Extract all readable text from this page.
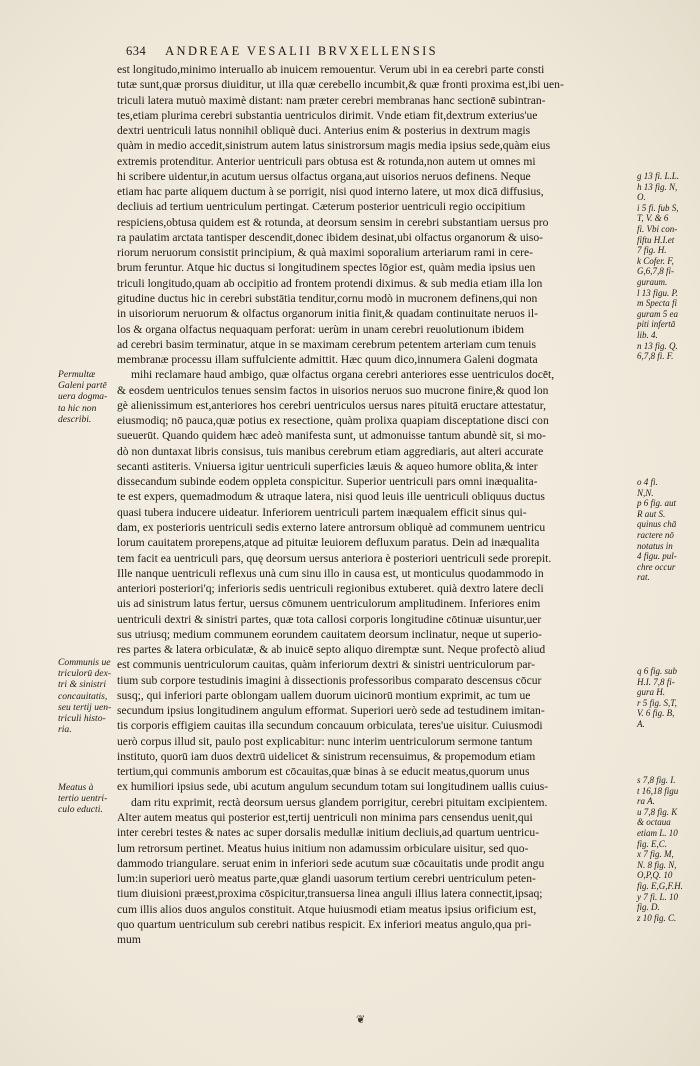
634 ANDREAE VESALII BRVXELLENSIS
est longitudo,minimo interuallo ab inuicem remouentur. Verum ubi in ea cerebri parte consti
tutæ sunt,quæ prorsus diuiditur, ut illa quæ cerebello incumbit,& quæ fronti proxima est,ibi uen-
triculi latera mutuò maximè distant: nam præter cerebri membranas hanc sectionē subintran-
tes,etiam plurima cerebri substantia uentriculos dirimit. Vnde etiam fit,dextrum exterius'ue
dextri uentriculi latus nonnihil obliquè duci. Anterius enim & posterius in dextrum magis
quàm in medio accedit,sinistrum autem latus sinistrorsum magis media ipsius sede,quàm eius
extremis protenditur. Anterior uentriculi pars obtusa est & rotunda,non autem ut omnes mi
hi scribere uidentur,in acutum uersus olfactus organa,aut uisorios neruos definens. Neque
etiam hac parte aliquem ductum à se porrigit, nisi quod interno latere, ut mox dicā diffusius,
decliuis ad tertium uentriculum pertingat. Cæterum posterior uentriculi regio occipitium
respiciens,obtusa quidem est & rotunda, at deorsum sensim in cerebri substantiam uersus pro
ra paulatim arctata tantisper descendit,donec ibidem desinat,ubi olfactus organorum & uiso-
riorum neruorum consistit principium, & quà maximi soporalium arteriarum rami in cere-
brum feruntur. Atque hic ductus si longitudinem spectes lōgior est, quàm media ipsius uen
triculi longitudo,quam ab occipitio ad frontem protendi diximus. & sub media etiam illa lon
gitudine ductus hic in cerebri substātia tenditur,cornu modò in mucronem definens,qui non
in uisoriorum neruorum & olfactus organorum initia finit,& quadam continuitate neruos il-
los & organa olfactus nequaquam perforat: uerùm in unam cerebri reuolutionum ibidem
ad cerebri basim terminatur, atque in se maximam cerebrum petentem arteriam cum tenuis
membranæ processu illam suffulciente admittit. Hæc quum dico,innumera Galeni dogmata
mihi reclamare haud ambigo, quæ olfactus organa cerebri anteriores esse uentriculos docēt,
& eosdem uentriculos tenues sensim factos in uisorios neruos suo mucrone finire,& quod lon
gè alienissimum est,anteriores hos cerebri uentriculos uersus nares pituitā eructare attestatur,
eiusmodiq; nō pauca,quæ potius ex resectione, quàm prolixa quapiam disceptatione disci con
sueuerūt. Quando quidem hæc adeò manifesta sunt, ut admonuisse tantum abundè sit, si mo-
dò non duntaxat libris consisus, tuis manibus cerebrum etiam aggrediaris, aut alteri accurate
secanti astiteris. Vniuersa igitur uentriculi superficies læuis & aqueo humore oblita,& inter
dissecandum subinde eodem oppleta conspicitur. Superior uentriculi pars omni inæqualita-
te est expers, quemadmodum & utraque latera, nisi quod leuis ille uentriculi obliquus ductus
quasi tubera inducere uideatur. Inferiorem uentriculi partem inæqualem efficit sinus qui-
dam, ex posterioris uentriculi sedis externo latere antrorsum obliquè ad communem uentricu
lorum cauitatem prorepens,atque ad pituitæ leuiorem defluxum paratus. Dein ad inæqualita
tem facit ea uentriculi pars, quę deorsum uersus anteriora è posteriori uentriculi sede prorepit.
Ille nanque uentriculi reflexus unà cum sinu illo in causa est, ut monticulus quodammodo in
anteriori posteriori'q; inferioris sedis uentriculi regionibus extuberet. quià dextro latere decli
uis ad sinistrum latus fertur, uersus cōmunem uentriculorum amplitudinem. Inferiores enim
uentriculi dextri & sinistri partes, quæ tota callosi corporis longitudine cōtinuæ uisuntur,uer
sus utriusq; medium communem eorundem cauitatem deorsum inclinatur, neque ut superio-
res partes & latera orbiculatæ, & ab inuicē septo aliquo diremptæ sunt. Neque profectò aliud
est communis uentriculorum cauitas, quàm inferiorum dextri & sinistri uentriculorum par-
tium sub corpore testudinis imagini à dissectionis professoribus comparato descensus cōcur
susq;, qui inferiori parte oblongam uallem duorum uicinorū montium exprimit, ac tum ue
secundum ipsius longitudinem angulum efformat. Superiori uerò sede ad testudinem imitan-
tis corporis effigiem cauitas illa secundum concauum orbiculata, teres'ue uisitur. Cuiusmodi
uerò corpus illud sit, paulo post explicabitur: nunc interim uentriculorum sermone tantum
instituto, quorū iam duos dextrū uidelicet & sinistrum recensuimus, & propemodum etiam
tertium,qui communis amborum est cōcauitas,quæ binas à se educit meatus,quorum unus
ex humiliori ipsius sede, ubi acutum angulum secundum totam sui longitudinem uallis cuius-
dam ritu exprimit, rectà deorsum uersus glandem porrigitur, cerebri pituitam excipientem.
Alter autem meatus qui posterior est,tertij uentriculi non minima pars censendus uenit,qui
inter cerebri testes & nates ac super dorsalis medullæ initium decliuis,ad quartum uentricu-
lum retrorsum pertinet. Meatus huius initium non adamussim orbiculare uisitur, sed quo-
dammodo triangulare. seruat enim in inferiori sede acutum suæ cōcauitatis unde prodit angu
lum:in superiori uerò meatus parte,quæ glandi uasorum tertium cerebri uentriculum peten-
tium diuisioni præest,proxima cōspicitur,transuersa linea anguli illius latera connectit,ipsaq;
cum illis alios duos angulos constituit. Atque huiusmodi etiam meatus ipsius orificium est,
quo quartum uentriculum sub cerebri natibus respicit. Ex inferiori meatus angulo,qua pri-
mum
Permultæ
Galeni partē
uera dogma-
ta hic non
describi.
Communis ue
triculorū dex-
tri & sinistri
concauitatis,
seu tertij uen-
triculi histo-
ria.
Meatus à
tertio uentri-
culo educti.
g 13 fi. L.L.
h 13 fig. N,
O.
i 5 fi. fub S,
T, V. & 6
fi. Vbi con-
fiftu H.I.et
7 fig. H.
k Cofer. F,
G,6,7,8 fi-
guraum.
l 13 figu. P.
m Specta fi
guram 5 ea
piti infertā
lib. 4.
n 13 fig. Q.
6,7,8 fi. F.
o 4 fi.
N,N.
p 6 fig. aut
R aut S.
quinus chā
ractere nō
notatus in
4 figu. pul-
chre occur
rat.
q 6 fig. sub
H.I. 7,8 fi-
gura H.
r 5 fig. S,T,
V. 6 fig. B,
A.
s 7,8 fig. I.
t 16,18 figu
ra A.
u 7,8 fig. K
& octaua
etiam L. 10
fig. E,C.
x 7 fig. M,
N. 8 fig. N,
O,P,Q. 10
fig. E,G,F.H.
y 7 fi. L. 10
fig. D.
z 10 fig. C.
❦
